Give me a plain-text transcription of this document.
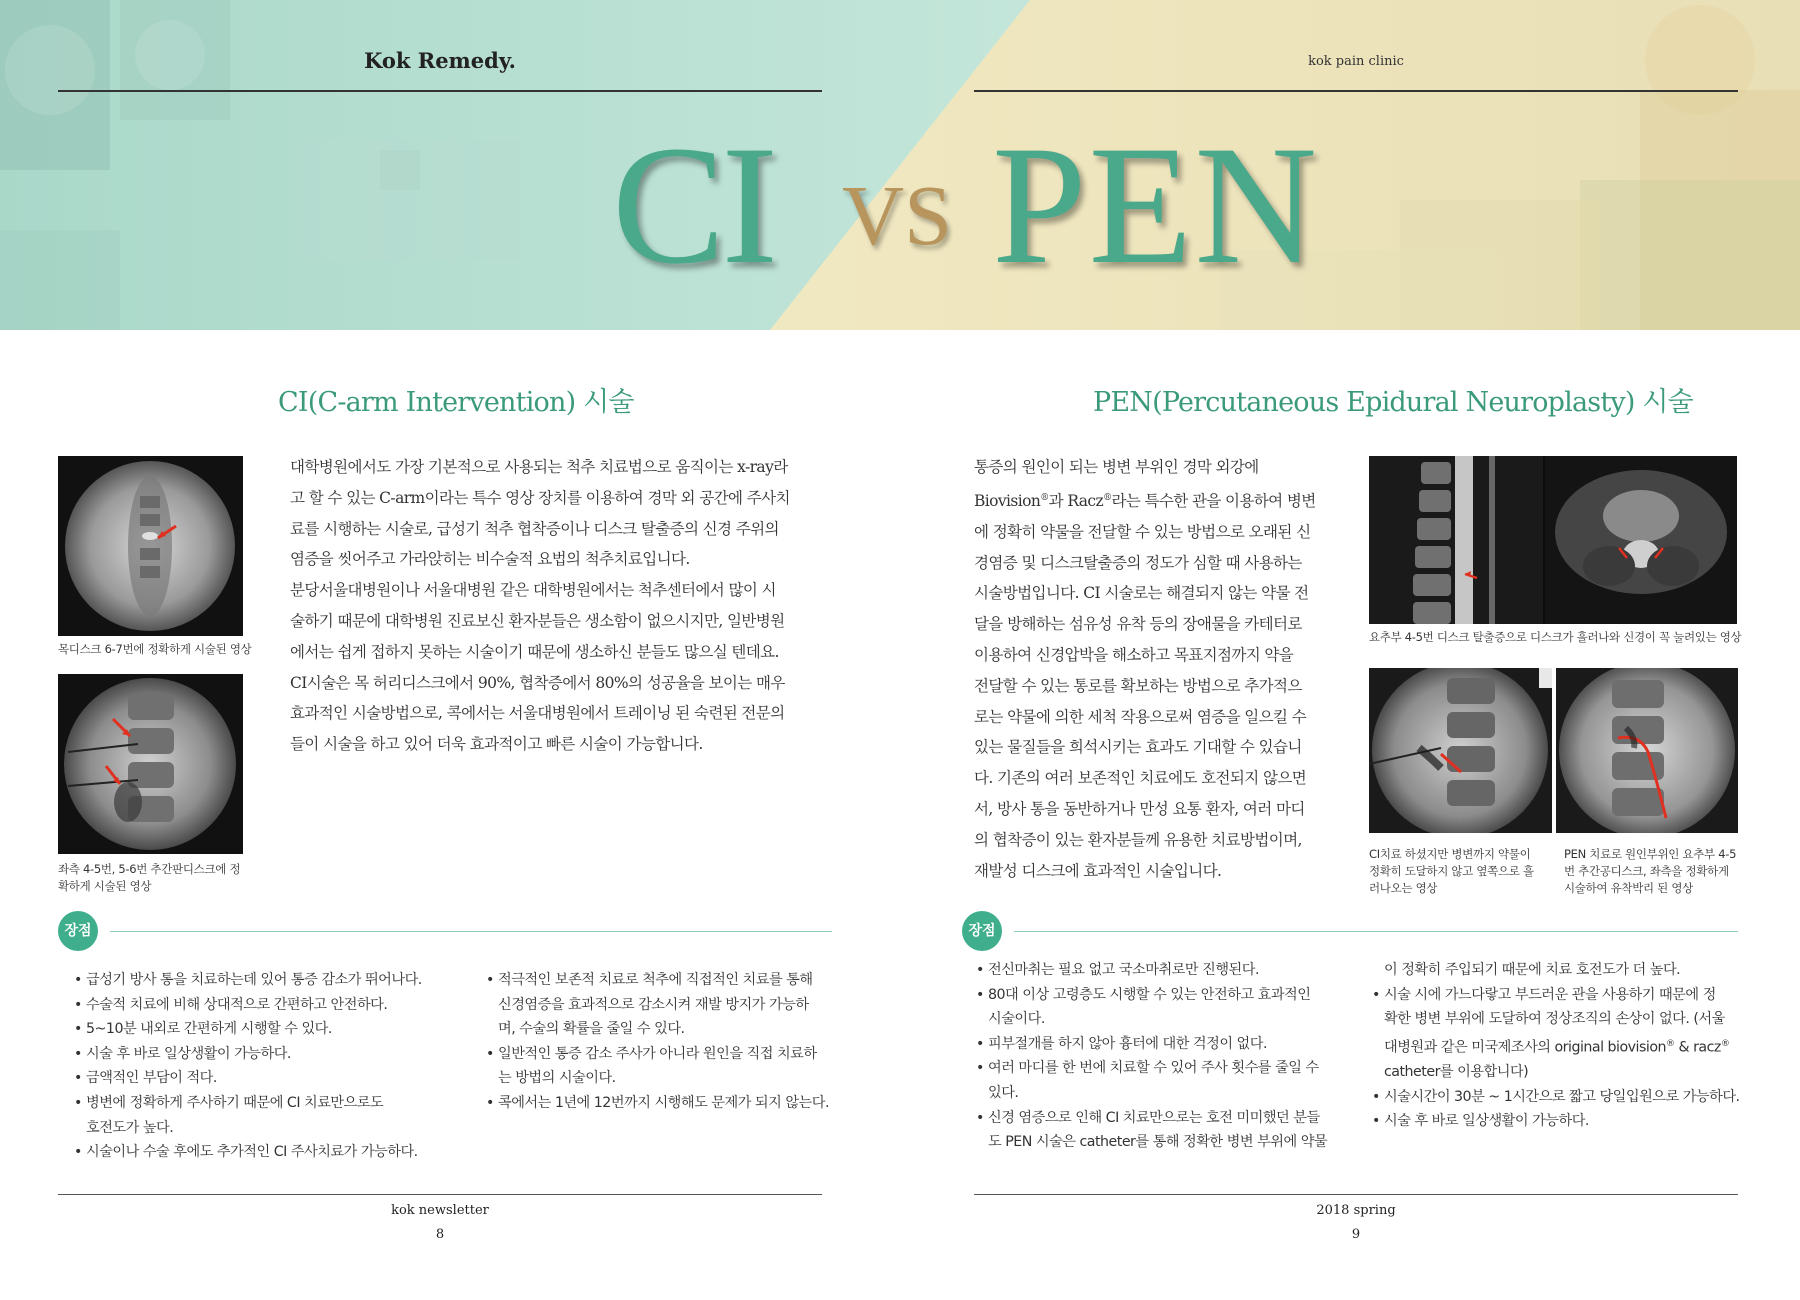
Kok Remedy.	kok pain clinic
CI VS PEN
CI(C-arm Intervention) 시술
목디스크 6-7번에 정확하게 시술된 영상
좌측 4-5번, 5-6번 추간판디스크에 정
확하게 시술된 영상

대학병원에서도 가장 기본적으로 사용되는 척추 치료법으로 움직이는 x-ray라
고 할 수 있는 C-arm이라는 특수 영상 장치를 이용하여 경막 외 공간에 주사치
료를 시행하는 시술로, 급성기 척추 협착증이나 디스크 탈출증의 신경 주위의
염증을 씻어주고 가라앉히는 비수술적 요법의 척추치료입니다.

분당서울대병원이나 서울대병원 같은 대학병원에서는 척추센터에서 많이 시
술하기 때문에 대학병원 진료보신 환자분들은 생소함이 없으시지만, 일반병원
에서는 쉽게 접하지 못하는 시술이기 때문에 생소하신 분들도 많으실 텐데요.

CI시술은 목 허리디스크에서 90%, 협착증에서 80%의 성공율을 보이는 매우
효과적인 시술방법으로, 콕에서는 서울대병원에서 트레이닝 된 숙련된 전문의
들이 시술을 하고 있어 더욱 효과적이고 빠른 시술이 가능합니다.

장점
• 급성기 방사 통을 치료하는데 있어 통증 감소가 뛰어나다.
• 수술적 치료에 비해 상대적으로 간편하고 안전하다.
• 5~10분 내외로 간편하게 시행할 수 있다.
• 시술 후 바로 일상생활이 가능하다.
• 금액적인 부담이 적다.
• 병변에 정확하게 주사하기 때문에 CI 치료만으로도
호전도가 높다.
• 시술이나 수술 후에도 추가적인 CI 주사치료가 가능하다.
• 적극적인 보존적 치료로 척추에 직접적인 치료를 통해
신경염증을 효과적으로 감소시켜 재발 방지가 가능하
며, 수술의 확률을 줄일 수 있다.
• 일반적인 통증 감소 주사가 아니라 원인을 직접 치료하
는 방법의 시술이다.
• 콕에서는 1년에 12번까지 시행해도 문제가 되지 않는다.
PEN(Percutaneous Epidural Neuroplasty) 시술
통증의 원인이 되는 병변 부위인 경막 외강에
Biovision®과 Racz®라는 특수한 관을 이용하여 병변
에 정확히 약물을 전달할 수 있는 방법으로 오래된 신
경염증 및 디스크탈출증의 정도가 심할 때 사용하는
시술방법입니다. CI 시술로는 해결되지 않는 약물 전
달을 방해하는 섬유성 유착 등의 장애물을 카테터로
이용하여 신경압박을 해소하고 목표지점까지 약을
전달할 수 있는 통로를 확보하는 방법으로 추가적으
로는 약물에 의한 세척 작용으로써 염증을 일으킬 수
있는 물질들을 희석시키는 효과도 기대할 수 있습니
다. 기존의 여러 보존적인 치료에도 호전되지 않으면
서, 방사 통을 동반하거나 만성 요통 환자, 여러 마디
의 협착증이 있는 환자분들께 유용한 치료방법이며,
재발성 디스크에 효과적인 시술입니다.
요추부 4-5번 디스크 탈출증으로 디스크가 흘러나와 신경이 꼭 눌려있는 영상
CI치료 하셨지만 병변까지 약물이
정확히 도달하지 않고 옆쪽으로 흘
러나오는 영상
PEN 치료로 원인부위인 요추부 4-5
번 추간공디스크, 좌측을 정확하게
시술하여 유착박리 된 영상
장점
• 전신마취는 필요 없고 국소마취로만 진행된다.
• 80대 이상 고령층도 시행할 수 있는 안전하고 효과적인
시술이다.
• 피부절개를 하지 않아 흉터에 대한 걱정이 없다.
• 여러 마디를 한 번에 치료할 수 있어 주사 횟수를 줄일 수
있다.
• 신경 염증으로 인해 CI 치료만으로는 호전 미미했던 분들
도 PEN 시술은 catheter를 통해 정확한 병변 부위에 약물
이 정확히 주입되기 때문에 치료 호전도가 더 높다.
• 시술 시에 가느다랗고 부드러운 관을 사용하기 때문에 정
확한 병변 부위에 도달하여 정상조직의 손상이 없다. (서울
대병원과 같은 미국제조사의 original biovision® & racz®
catheter를 이용합니다)
• 시술시간이 30분 ~ 1시간으로 짧고 당일입원으로 가능하다.
• 시술 후 바로 일상생활이 가능하다.
kok newsletter
8
2018 spring
9
